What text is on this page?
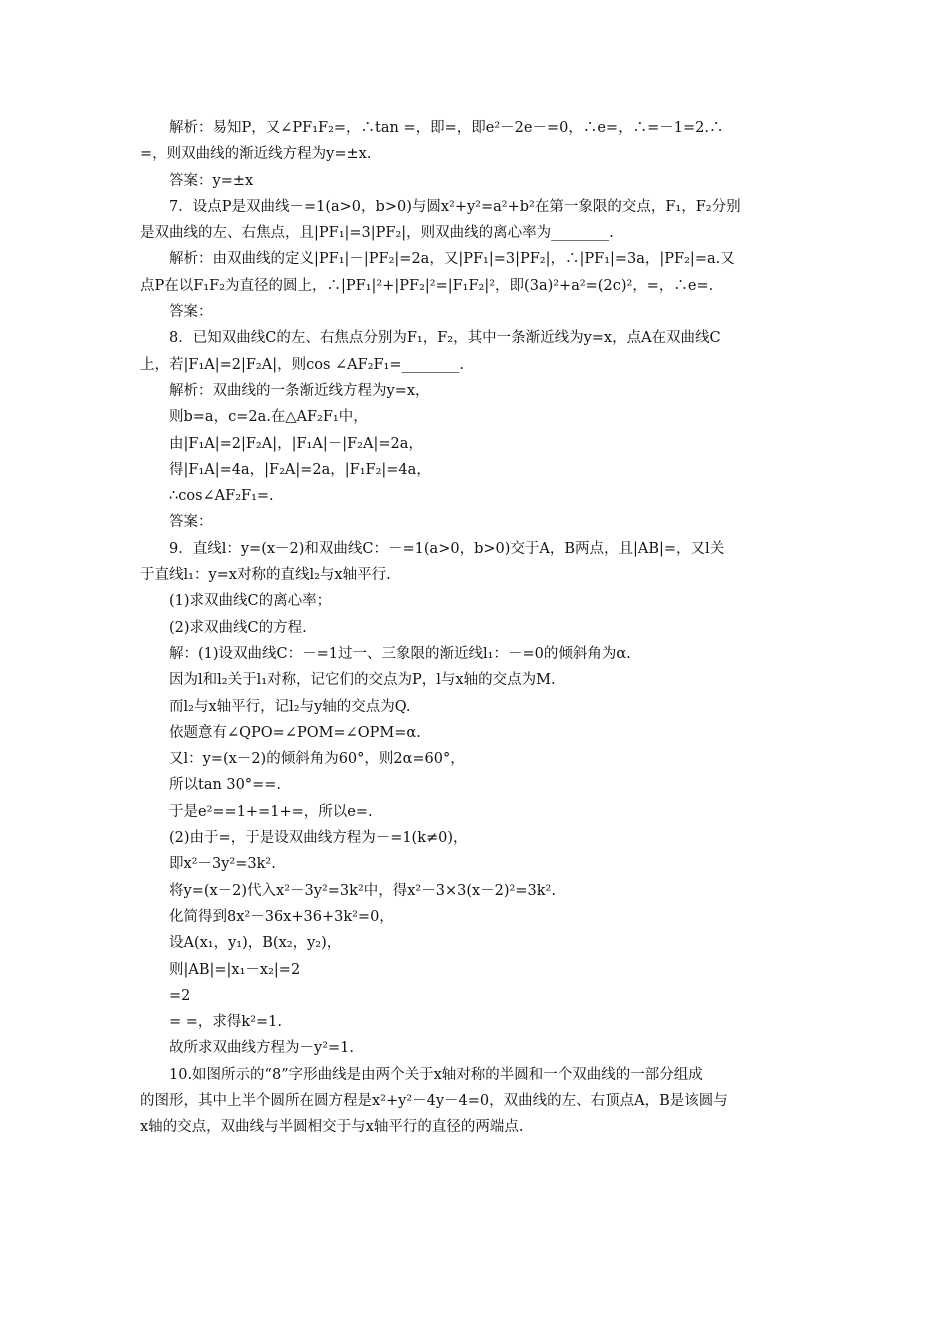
解析：易知P，又∠PF₁F₂=，∴tan =，即=，即e²－2e－=0，∴e=，∴=－1=2.∴
=，则双曲线的渐近线方程为y=±x.
答案：y=±x
7．设点P是双曲线－=1(a>0，b>0)与圆x²+y²=a²+b²在第一象限的交点，F₁，F₂分别
是双曲线的左、右焦点，且|PF₁|=3|PF₂|，则双曲线的离心率为________.
解析：由双曲线的定义|PF₁|－|PF₂|=2a，又|PF₁|=3|PF₂|，∴|PF₁|=3a，|PF₂|=a.又
点P在以F₁F₂为直径的圆上，∴|PF₁|²+|PF₂|²=|F₁F₂|²，即(3a)²+a²=(2c)²，=，∴e=.
答案：
8．已知双曲线C的左、右焦点分别为F₁，F₂，其中一条渐近线为y=x，点A在双曲线C
上，若|F₁A|=2|F₂A|，则cos ∠AF₂F₁=________.
解析：双曲线的一条渐近线方程为y=x，
则b=a，c=2a.在△AF₂F₁中，
由|F₁A|=2|F₂A|，|F₁A|－|F₂A|=2a，
得|F₁A|=4a，|F₂A|=2a，|F₁F₂|=4a，
∴cos∠AF₂F₁=.
答案：
9．直线l：y=(x－2)和双曲线C：－=1(a>0，b>0)交于A，B两点，且|AB|=，又l关
于直线l₁：y=x对称的直线l₂与x轴平行.
(1)求双曲线C的离心率；
(2)求双曲线C的方程.
解：(1)设双曲线C：－=1过一、三象限的渐近线l₁：－=0的倾斜角为α.
因为l和l₂关于l₁对称，记它们的交点为P，l与x轴的交点为M.
而l₂与x轴平行，记l₂与y轴的交点为Q.
依题意有∠QPO=∠POM=∠OPM=α.
又l：y=(x－2)的倾斜角为60°，则2α=60°，
所以tan 30°==.
于是e²==1+=1+=，所以e=.
(2)由于=，于是设双曲线方程为－=1(k≠0)，
即x²－3y²=3k².
将y=(x－2)代入x²－3y²=3k²中，得x²－3×3(x－2)²=3k².
化简得到8x²－36x+36+3k²=0，
设A(x₁，y₁)，B(x₂，y₂)，
则|AB|=|x₁－x₂|=2
=2
= =，求得k²=1.
故所求双曲线方程为－y²=1.
10.如图所示的“8”字形曲线是由两个关于x轴对称的半圆和一个双曲线的一部分组成
的图形，其中上半个圆所在圆方程是x²+y²－4y－4=0，双曲线的左、右顶点A，B是该圆与
x轴的交点，双曲线与半圆相交于与x轴平行的直径的两端点.
